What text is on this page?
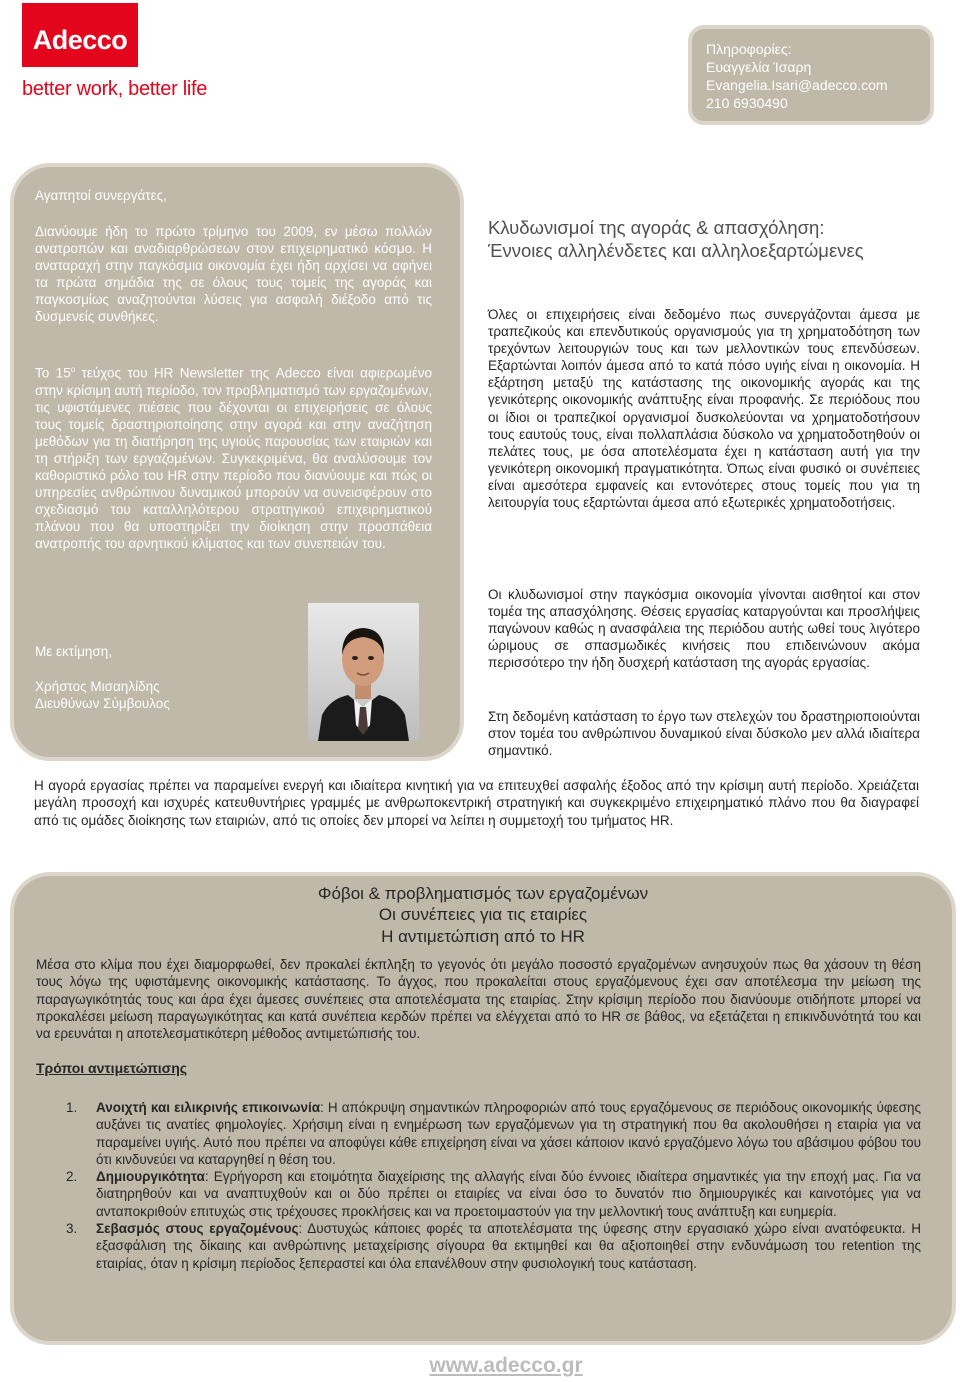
Adecco
better work, better life
Πληροφορίες:
Ευαγγελία Ίσαρη
Evangelia.Isari@adecco.com
210 6930490
Αγαπητοί συνεργάτες,
Διανύουμε ήδη το πρώτο τρίμηνο του 2009, εν μέσω πολλών ανατροπών και αναδιαρθρώσεων στον επιχειρηματικό κόσμο. Η αναταραχή στην παγκόσμια οικονομία έχει ήδη αρχίσει να αφήνει τα πρώτα σημάδια της σε όλους τους τομείς της αγοράς και παγκοσμίως αναζητούνται λύσεις για ασφαλή διέξοδο από τις δυσμενείς συνθήκες.
Το $15^o$ τεύχος του HR Newsletter της Adecco είναι αφιερωμένο στην κρίσιμη αυτή περίοδο, τον προβληματισμό των εργαζομένων, τις υφιστάμενες πιέσεις που δέχονται οι επιχειρήσεις σε όλους τους τομείς δραστηριοποίησης στην αγορά και στην αναζήτηση μεθόδων για τη διατήρηση της υγιούς παρουσίας των εταιριών και τη στήριξη των εργαζομένων. Συγκεκριμένα, θα αναλύσουμε τον καθοριστικό ρόλο του HR στην περίοδο που διανύουμε και πώς οι υπηρεσίες ανθρώπινου δυναμικού μπορούν να συνεισφέρουν στο σχεδιασμό του καταλληλότερου στρατηγικού επιχειρηματικού πλάνου που θα υποστηρίξει την διοίκηση στην προσπάθεια ανατροπής του αρνητικού κλίματος και των συνεπειών του.
Με εκτίμηση,
Χρήστος Μισαηλίδης
Διευθύνων Σύμβουλος
Κλυδωνισμοί της αγοράς & απασχόληση:
Έννοιες αλληλένδετες και αλληλοεξαρτώμενες
Όλες οι επιχειρήσεις είναι δεδομένο πως συνεργάζονται άμεσα με τραπεζικούς και επενδυτικούς οργανισμούς για τη χρηματοδότηση των τρεχόντων λειτουργιών τους και των μελλοντικών τους επενδύσεων. Εξαρτώνται λοιπόν άμεσα από το κατά πόσο υγιής είναι η οικονομία. Η εξάρτηση μεταξύ της κατάστασης της οικονομικής αγοράς και της γενικότερης οικονομικής ανάπτυξης είναι προφανής. Σε περιόδους που οι ίδιοι οι τραπεζικοί οργανισμοί δυσκολεύονται να χρηματοδοτήσουν τους εαυτούς τους, είναι πολλαπλάσια δύσκολο να χρηματοδοτηθούν οι πελάτες τους, με όσα αποτελέσματα έχει η κατάσταση αυτή για την γενικότερη οικονομική πραγματικότητα. Όπως είναι φυσικό οι συνέπειες είναι αμεσότερα εμφανείς και εντονότερες στους τομείς που για τη λειτουργία τους εξαρτώνται άμεσα από εξωτερικές χρηματοδοτήσεις.
Οι κλυδωνισμοί στην παγκόσμια οικονομία γίνονται αισθητοί και στον τομέα της απασχόλησης. Θέσεις εργασίας καταργούνται και προσλήψεις παγώνουν καθώς η ανασφάλεια της περιόδου αυτής ωθεί τους λιγότερο ώριμους σε σπασμωδικές κινήσεις που επιδεινώνουν ακόμα περισσότερο την ήδη δυσχερή κατάσταση της αγοράς εργασίας.
Στη δεδομένη κατάσταση το έργο των στελεχών του δραστηριοποιούνται στον τομέα του ανθρώπινου δυναμικού είναι δύσκολο μεν αλλά ιδιαίτερα σημαντικό.
Η αγορά εργασίας πρέπει να παραμείνει ενεργή και ιδιαίτερα κινητική για να επιτευχθεί ασφαλής έξοδος από την κρίσιμη αυτή περίοδο. Χρειάζεται μεγάλη προσοχή και ισχυρές κατευθυντήριες γραμμές με ανθρωποκεντρική στρατηγική και συγκεκριμένο επιχειρηματικό πλάνο που θα διαγραφεί από τις ομάδες διοίκησης των εταιριών, από τις οποίες δεν μπορεί να λείπει η συμμετοχή του τμήματος HR.
Φόβοι & προβληματισμός των εργαζομένων
Οι συνέπειες για τις εταιρίες
Η αντιμετώπιση από το HR
Μέσα στο κλίμα που έχει διαμορφωθεί, δεν προκαλεί έκπληξη το γεγονός ότι μεγάλο ποσοστό εργαζομένων ανησυχούν πως θα χάσουν τη θέση τους λόγω της υφιστάμενης οικονομικής κατάστασης. Το άγχος, που προκαλείται στους εργαζόμενους έχει σαν αποτέλεσμα την μείωση της παραγωγικότητάς τους και άρα έχει άμεσες συνέπειες στα αποτελέσματα της εταιρίας. Στην κρίσιμη περίοδο που διανύουμε οτιδήποτε μπορεί να προκαλέσει μείωση παραγωγικότητας και κατά συνέπεια κερδών πρέπει να ελέγχεται από το HR σε βάθος, να εξετάζεται η επικινδυνότητά του και να ερευνάται η αποτελεσματικότερη μέθοδος αντιμετώπισής του.
Τρόποι αντιμετώπισης
1. Ανοιχτή και ειλικρινής επικοινωνία: Η απόκρυψη σημαντικών πληροφοριών από τους εργαζόμενους σε περιόδους οικονομικής ύφεσης αυξάνει τις ανατίες φημολογίες. Χρήσιμη είναι η ενημέρωση των εργαζόμενων για τη στρατηγική που θα ακολουθήσει η εταιρία για να παραμείνει υγιής. Αυτό που πρέπει να αποφύγει κάθε επιχείρηση είναι να χάσει κάποιον ικανό εργαζόμενο λόγω του αβάσιμου φόβου του ότι κινδυνεύει να καταργηθεί η θέση του.
2. Δημιουργικότητα: Εγρήγορση και ετοιμότητα διαχείρισης της αλλαγής είναι δύο έννοιες ιδιαίτερα σημαντικές για την εποχή μας. Για να διατηρηθούν και να αναπτυχθούν και οι δύο πρέπει οι εταιρίες να είναι όσο το δυνατόν πιο δημιουργικές και καινοτόμες για να ανταποκριθούν επιτυχώς στις τρέχουσες προκλήσεις και να προετοιμαστούν για την μελλοντική τους ανάπτυξη και ευημερία.
3. Σεβασμός στους εργαζομένους: Δυστυχώς κάποιες φορές τα αποτελέσματα της ύφεσης στην εργασιακό χώρο είναι ανατόφευκτα. Η εξασφάλιση της δίκαιης και ανθρώπινης μεταχείρισης σίγουρα θα εκτιμηθεί και θα αξιοποιηθεί στην ενδυνάμωση του retention της εταιρίας, όταν η κρίσιμη περίοδος ξεπεραστεί και όλα επανέλθουν στην φυσιολογική τους κατάσταση.
www.adecco.gr
